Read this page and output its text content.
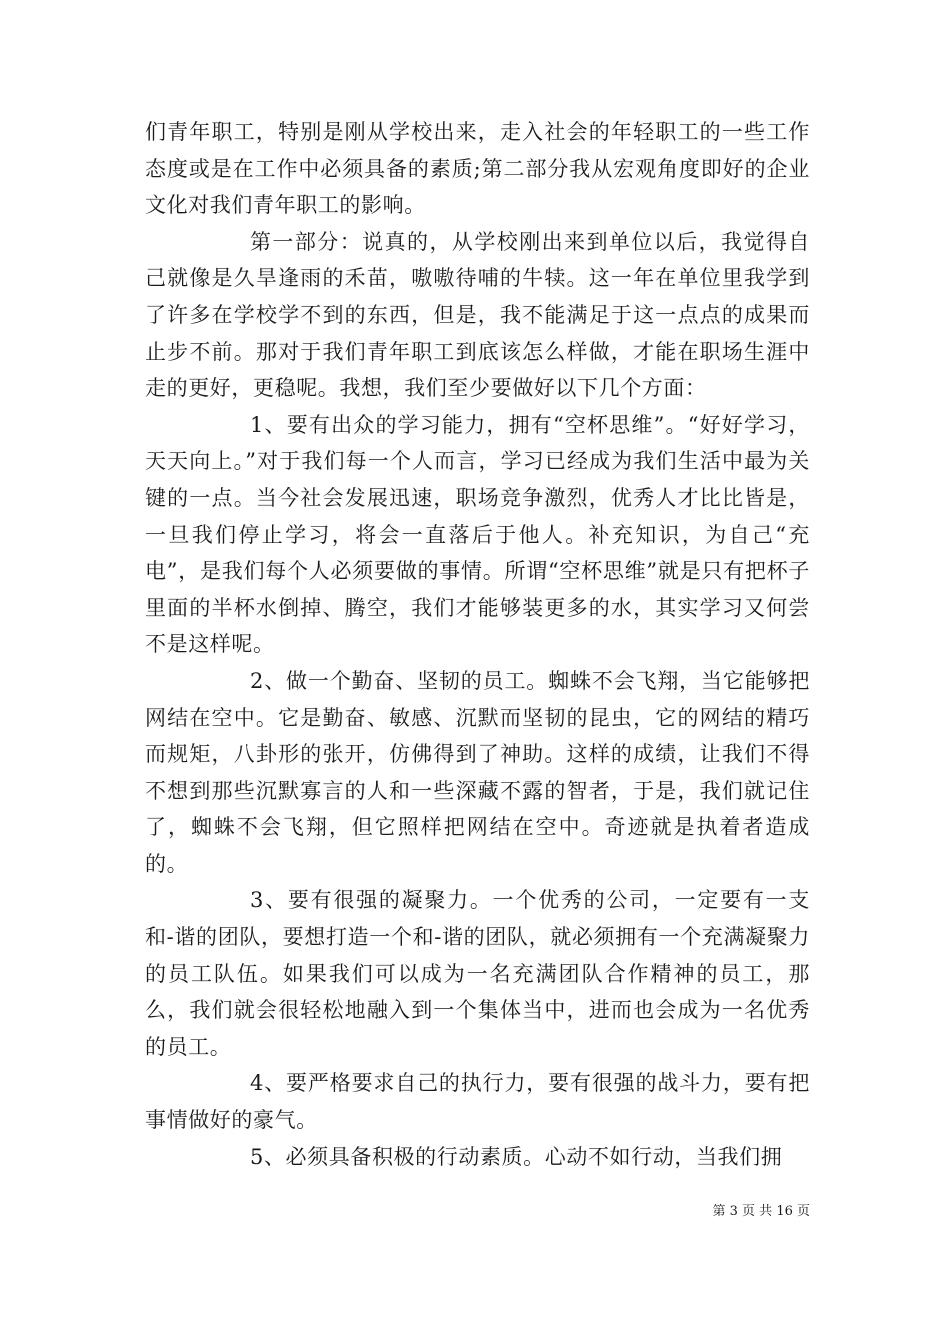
们青年职工，特别是刚从学校出来，走入社会的年轻职工的一些工作态度或是在工作中必须具备的素质;第二部分我从宏观角度即好的企业文化对我们青年职工的影响。

第一部分：说真的，从学校刚出来到单位以后，我觉得自己就像是久旱逢雨的禾苗，嗷嗷待哺的牛犊。这一年在单位里我学到了许多在学校学不到的东西，但是，我不能满足于这一点点的成果而止步不前。那对于我们青年职工到底该怎么样做，才能在职场生涯中走的更好，更稳呢。我想，我们至少要做好以下几个方面：

1、要有出众的学习能力，拥有“空杯思维”。“好好学习，天天向上。”对于我们每一个人而言，学习已经成为我们生活中最为关键的一点。当今社会发展迅速，职场竞争激烈，优秀人才比比皆是，一旦我们停止学习，将会一直落后于他人。补充知识，为自己“充电”，是我们每个人必须要做的事情。所谓“空杯思维”就是只有把杯子里面的半杯水倒掉、腾空，我们才能够装更多的水，其实学习又何尝不是这样呢。

2、做一个勤奋、坚韧的员工。蜘蛛不会飞翔，当它能够把网结在空中。它是勤奋、敏感、沉默而坚韧的昆虫，它的网结的精巧而规矩，八卦形的张开，仿佛得到了神助。这样的成绩，让我们不得不想到那些沉默寡言的人和一些深藏不露的智者，于是，我们就记住了，蜘蛛不会飞翔，但它照样把网结在空中。奇迹就是执着者造成的。

3、要有很强的凝聚力。一个优秀的公司，一定要有一支和-谐的团队，要想打造一个和-谐的团队，就必须拥有一个充满凝聚力的员工队伍。如果我们可以成为一名充满团队合作精神的员工，那么，我们就会很轻松地融入到一个集体当中，进而也会成为一名优秀的员工。

4、要严格要求自己的执行力，要有很强的战斗力，要有把事情做好的豪气。

5、必须具备积极的行动素质。心动不如行动，当我们拥

第 3 页 共 16 页
